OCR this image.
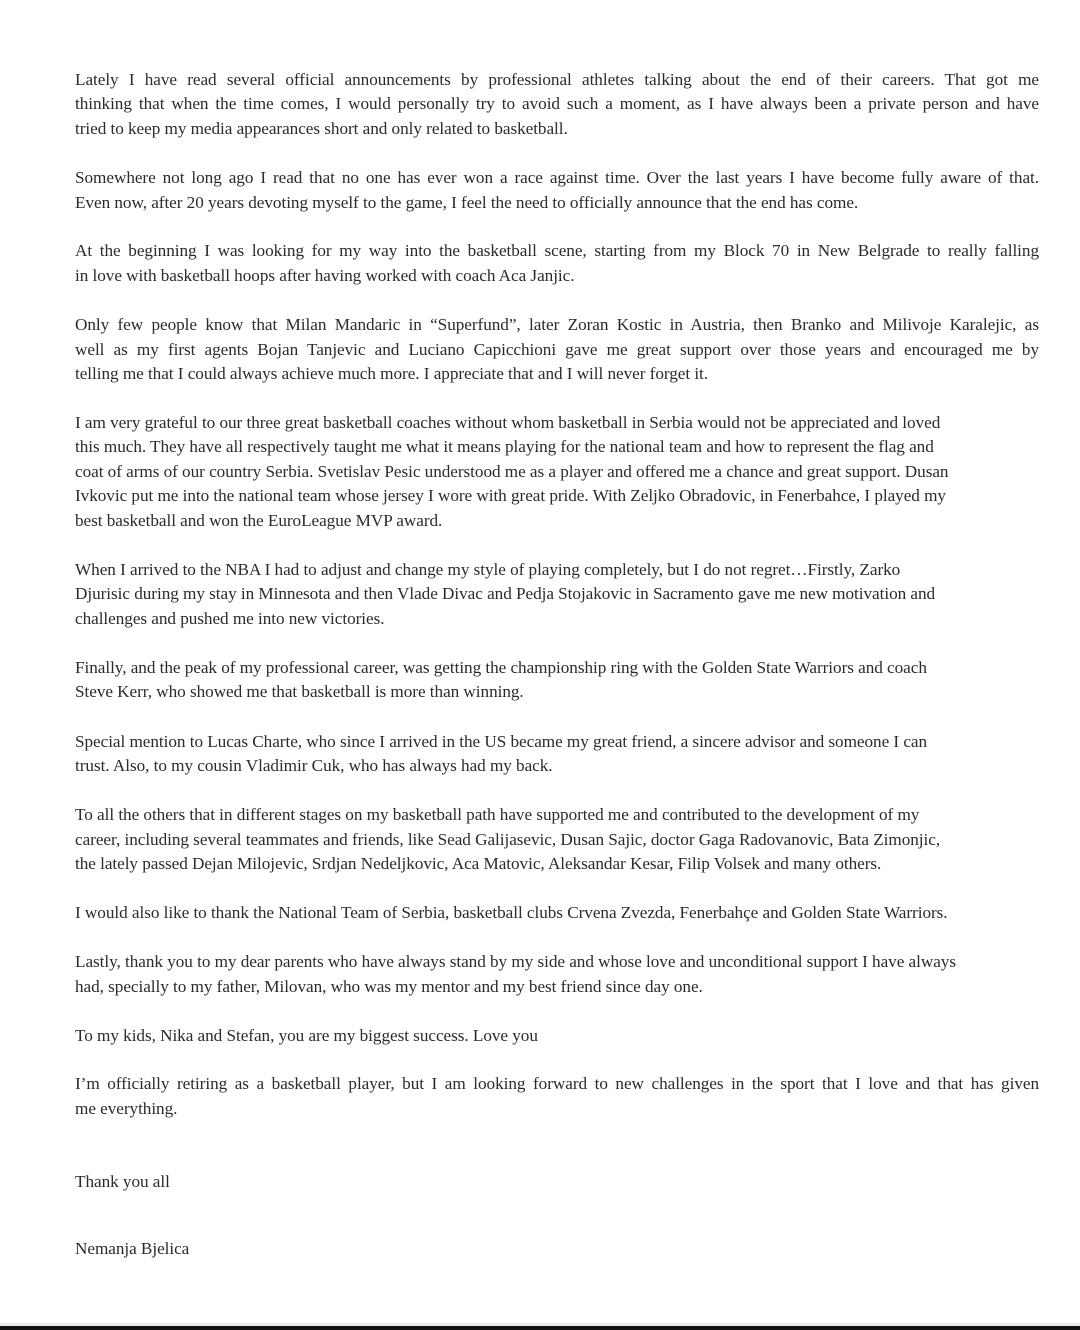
Lately I have read several official announcements by professional athletes talking about the end of their careers. That got me
thinking that when the time comes, I would personally try to avoid such a moment, as I have always been a private person and have
tried to keep my media appearances short and only related to basketball.
Somewhere not long ago I read that no one has ever won a race against time. Over the last years I have become fully aware of that.
Even now, after 20 years devoting myself to the game, I feel the need to officially announce that the end has come.
At the beginning I was looking for my way into the basketball scene, starting from my Block 70 in New Belgrade to really falling
in love with basketball hoops after having worked with coach Aca Janjic.
Only few people know that Milan Mandaric in “Superfund”, later Zoran Kostic in Austria, then Branko and Milivoje Karalejic, as
well as my first agents Bojan Tanjevic and Luciano Capicchioni gave me great support over those years and encouraged me by
telling me that I could always achieve much more. I appreciate that and I will never forget it.
I am very grateful to our three great basketball coaches without whom basketball in Serbia would not be appreciated and loved
this much. They have all respectively taught me what it means playing for the national team and how to represent the flag and
coat of arms of our country Serbia. Svetislav Pesic understood me as a player and offered me a chance and great support. Dusan
Ivkovic put me into the national team whose jersey I wore with great pride. With Zeljko Obradovic, in Fenerbahce, I played my
best basketball and won the EuroLeague MVP award.
When I arrived to the NBA I had to adjust and change my style of playing completely, but I do not regret…Firstly, Zarko
Djurisic during my stay in Minnesota and then Vlade Divac and Pedja Stojakovic in Sacramento gave me new motivation and
challenges and pushed me into new victories.
Finally, and the peak of my professional career, was getting the championship ring with the Golden State Warriors and coach
Steve Kerr, who showed me that basketball is more than winning.
Special mention to Lucas Charte, who since I arrived in the US became my great friend, a sincere advisor and someone I can
trust. Also, to my cousin Vladimir Cuk, who has always had my back.
To all the others that in different stages on my basketball path have supported me and contributed to the development of my
career, including several teammates and friends, like Sead Galijasevic, Dusan Sajic, doctor Gaga Radovanovic, Bata Zimonjic,
the lately passed Dejan Milojevic, Srdjan Nedeljkovic, Aca Matovic, Aleksandar Kesar, Filip Volsek and many others.
I would also like to thank the National Team of Serbia, basketball clubs Crvena Zvezda, Fenerbahçe and Golden State Warriors.
Lastly, thank you to my dear parents who have always stand by my side and whose love and unconditional support I have always
had, specially to my father, Milovan, who was my mentor and my best friend since day one.
To my kids, Nika and Stefan, you are my biggest success. Love you
I’m officially retiring as a basketball player, but I am looking forward to new challenges in the sport that I love and that has given
me everything.
Thank you all
Nemanja Bjelica
